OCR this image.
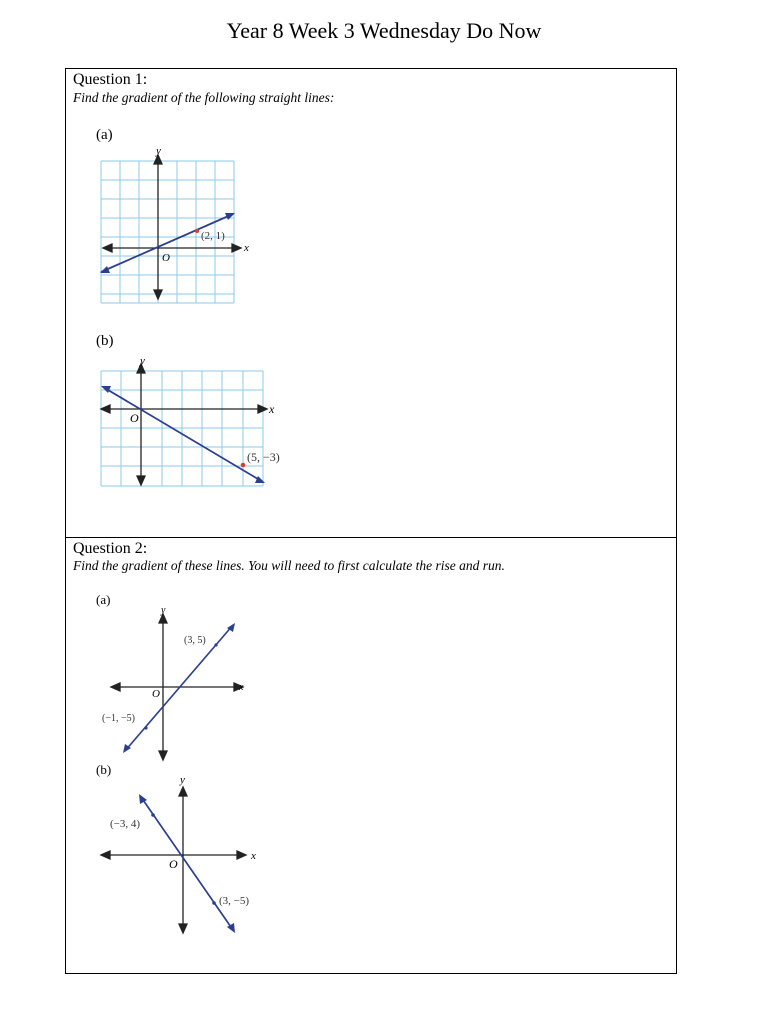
Year 8 Week 3 Wednesday Do Now
Question 1:
Find the gradient of the following straight lines:
(a)
(2, 1)
x
y
O
(b)
(5, −3)
x
y
O
Question 2:
Find the gradient of these lines. You will need to first calculate the rise and run.
(a)
(3, 5)
(−1, −5)
x
y
O
(b)
(−3, 4)
(3, −5)
x
y
O
